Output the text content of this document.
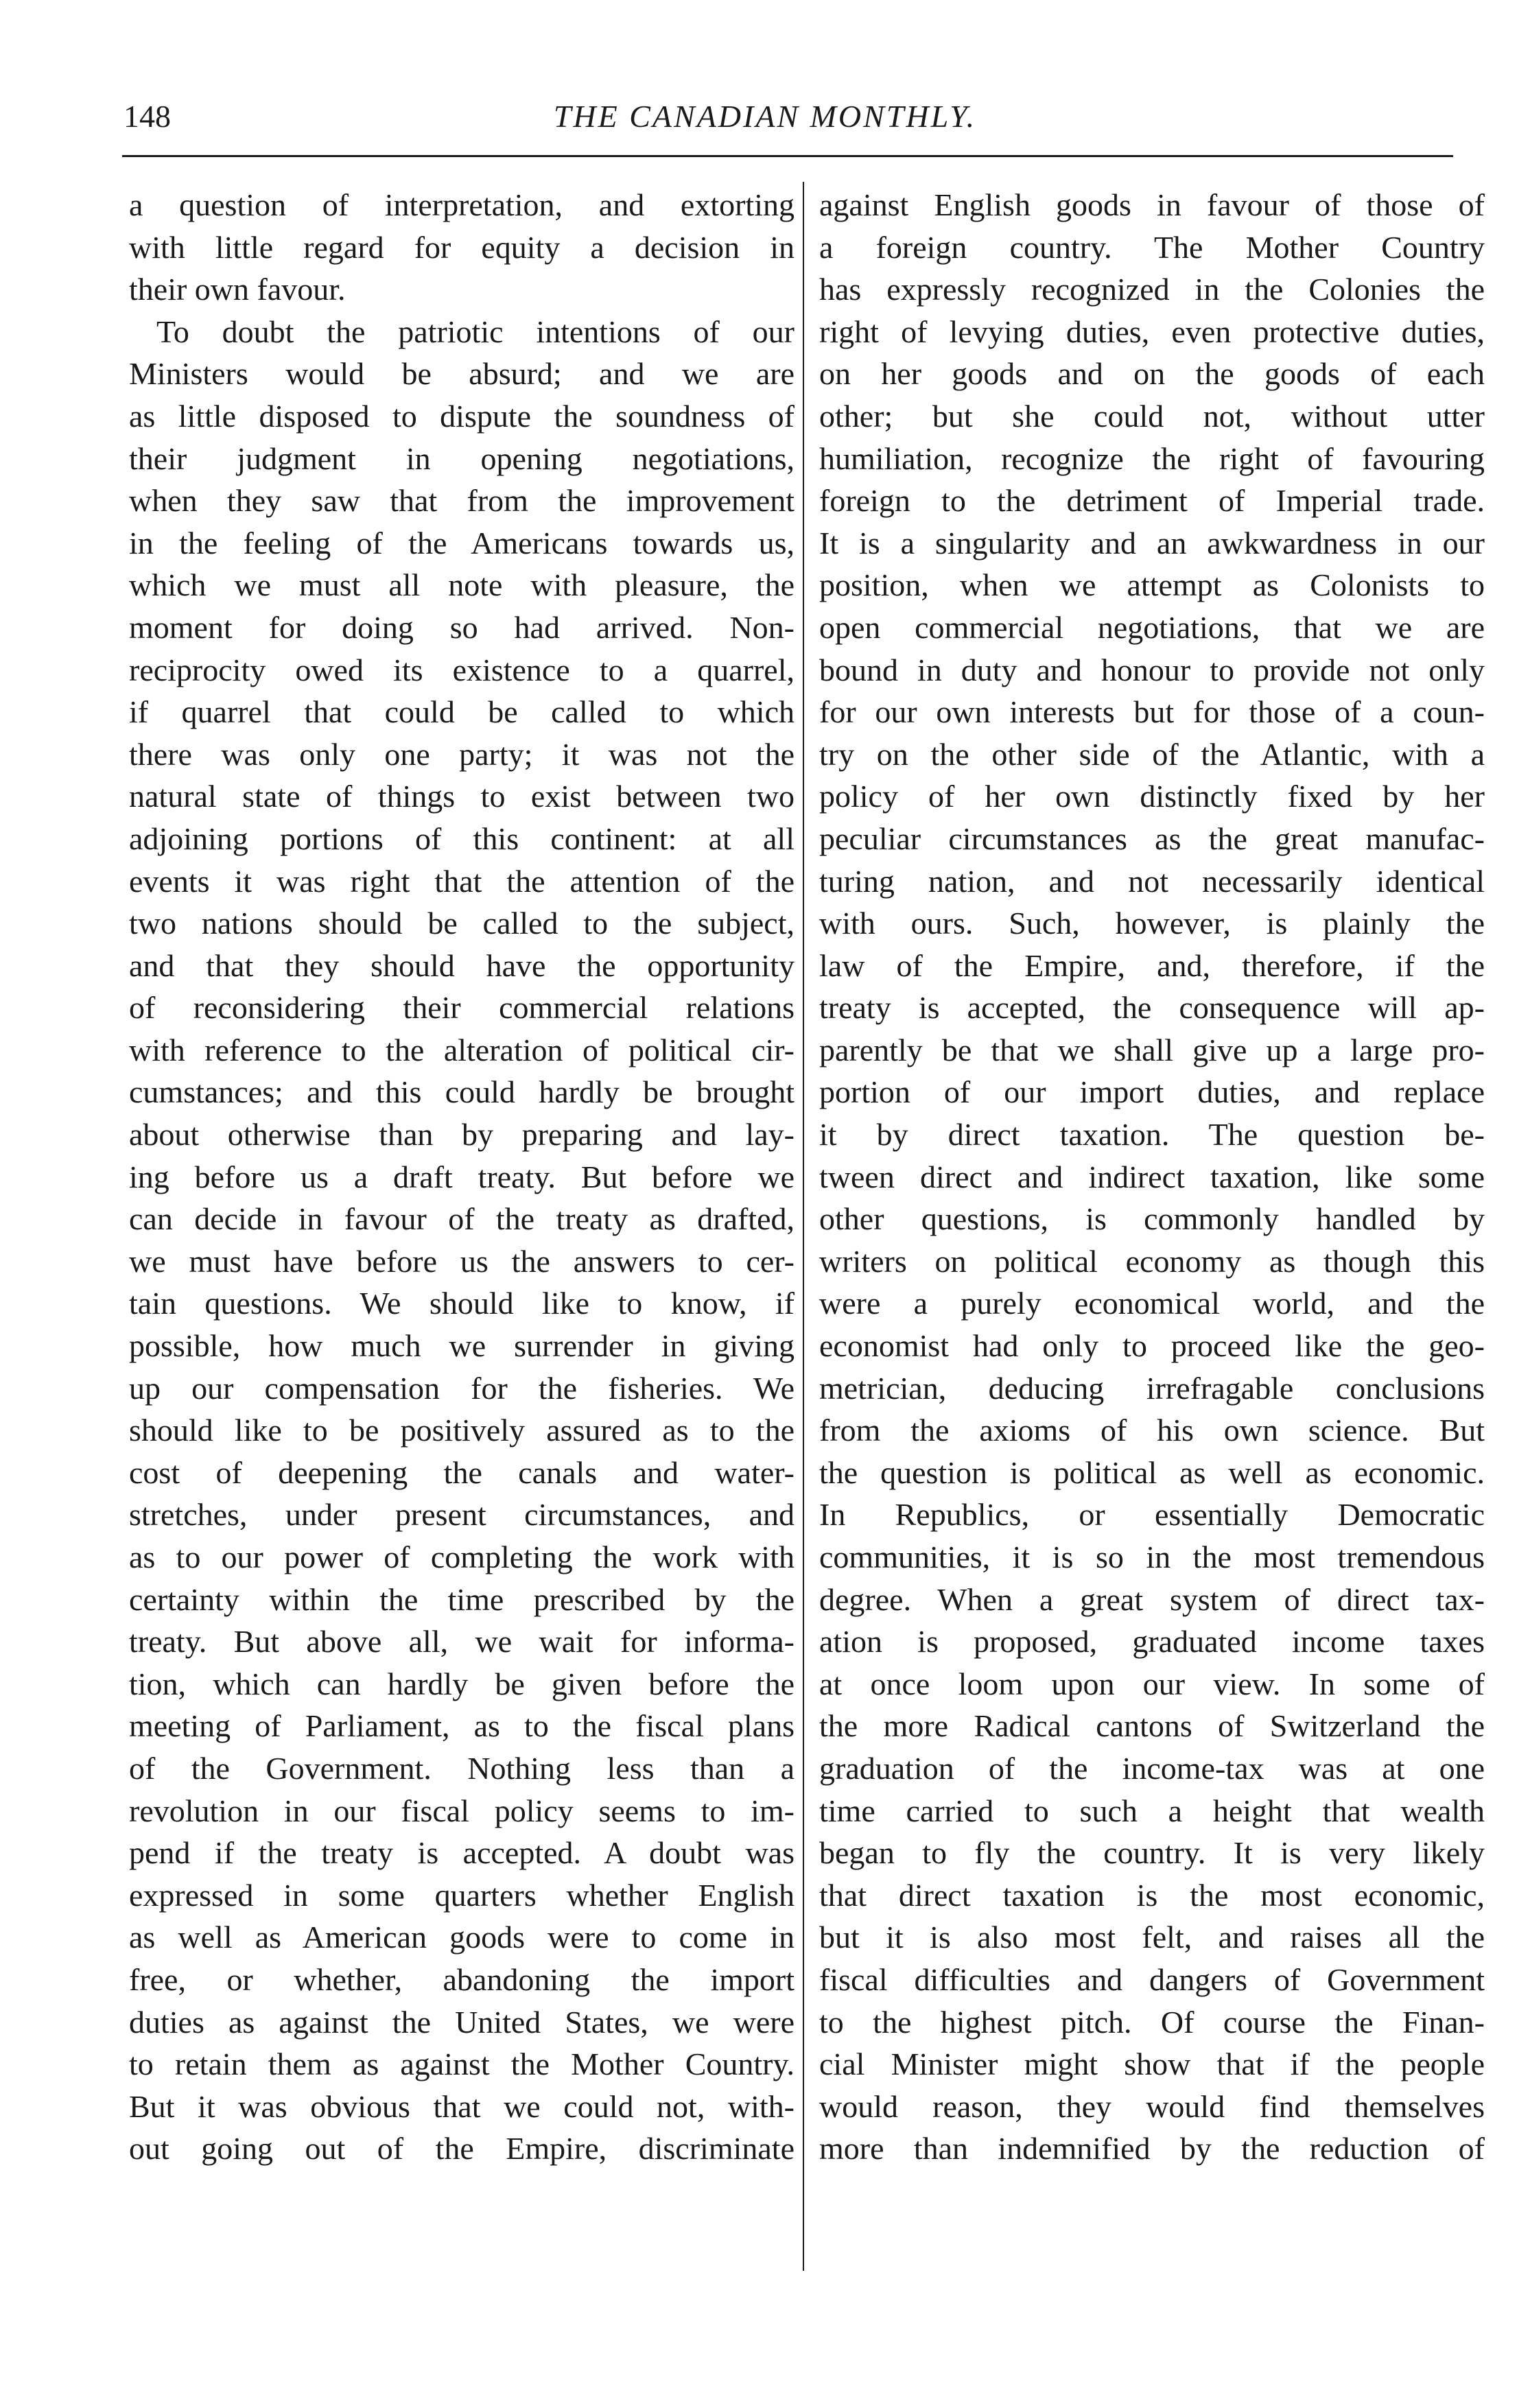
148	THE CANADIAN MONTHLY.
a question of interpretation, and extorting
with little regard for equity a decision in
their own favour.
To doubt the patriotic intentions of our
Ministers would be absurd; and we are
as little disposed to dispute the soundness of
their judgment in opening negotiations,
when they saw that from the improvement
in the feeling of the Americans towards us,
which we must all note with pleasure, the
moment for doing so had arrived. Non-
reciprocity owed its existence to a quarrel,
if quarrel that could be called to which
there was only one party; it was not the
natural state of things to exist between two
adjoining portions of this continent: at all
events it was right that the attention of the
two nations should be called to the subject,
and that they should have the opportunity
of reconsidering their commercial relations
with reference to the alteration of political cir-
cumstances; and this could hardly be brought
about otherwise than by preparing and lay-
ing before us a draft treaty. But before we
can decide in favour of the treaty as drafted,
we must have before us the answers to cer-
tain questions. We should like to know, if
possible, how much we surrender in giving
up our compensation for the fisheries. We
should like to be positively assured as to the
cost of deepening the canals and water-
stretches, under present circumstances, and
as to our power of completing the work with
certainty within the time prescribed by the
treaty. But above all, we wait for informa-
tion, which can hardly be given before the
meeting of Parliament, as to the fiscal plans
of the Government. Nothing less than a
revolution in our fiscal policy seems to im-
pend if the treaty is accepted. A doubt was
expressed in some quarters whether English
as well as American goods were to come in
free, or whether, abandoning the import
duties as against the United States, we were
to retain them as against the Mother Country.
But it was obvious that we could not, with-
out going out of the Empire, discriminate
against English goods in favour of those of
a foreign country. The Mother Country
has expressly recognized in the Colonies the
right of levying duties, even protective duties,
on her goods and on the goods of each
other; but she could not, without utter
humiliation, recognize the right of favouring
foreign to the detriment of Imperial trade.
It is a singularity and an awkwardness in our
position, when we attempt as Colonists to
open commercial negotiations, that we are
bound in duty and honour to provide not only
for our own interests but for those of a coun-
try on the other side of the Atlantic, with a
policy of her own distinctly fixed by her
peculiar circumstances as the great manufac-
turing nation, and not necessarily identical
with ours. Such, however, is plainly the
law of the Empire, and, therefore, if the
treaty is accepted, the consequence will ap-
parently be that we shall give up a large pro-
portion of our import duties, and replace
it by direct taxation. The question be-
tween direct and indirect taxation, like some
other questions, is commonly handled by
writers on political economy as though this
were a purely economical world, and the
economist had only to proceed like the geo-
metrician, deducing irrefragable conclusions
from the axioms of his own science. But
the question is political as well as economic.
In Republics, or essentially Democratic
communities, it is so in the most tremendous
degree. When a great system of direct tax-
ation is proposed, graduated income taxes
at once loom upon our view. In some of
the more Radical cantons of Switzerland the
graduation of the income-tax was at one
time carried to such a height that wealth
began to fly the country. It is very likely
that direct taxation is the most economic,
but it is also most felt, and raises all the
fiscal difficulties and dangers of Government
to the highest pitch. Of course the Finan-
cial Minister might show that if the people
would reason, they would find themselves
more than indemnified by the reduction of
